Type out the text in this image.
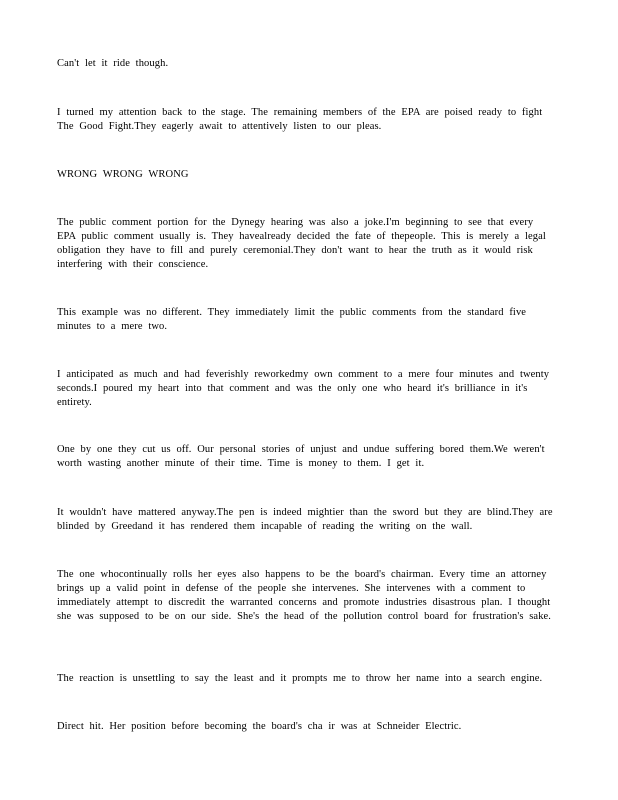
Can't let it ride though.

I turned my attention back to the stage. The remaining members of the EPA are poised ready to fight The Good Fight.They eagerly await to attentively listen to our pleas.

WRONG WRONG WRONG

The public comment portion for the Dynegy hearing was also a joke.I'm beginning to see that every EPA public comment usually is. They havealready decided the fate of thepeople. This is merely a legal obligation they have to fill and purely ceremonial.They don't want to hear the truth as it would risk interfering with their conscience.

This example was no different. They immediately limit the public comments from the standard five minutes to a mere two.

I anticipated as much and had feverishly reworkedmy own comment to a mere four minutes and twenty seconds.I poured my heart into that comment and was the only one who heard it's brilliance in it's entirety.

One by one they cut us off. Our personal stories of unjust and undue suffering bored them.We weren't worth wasting another minute of their time. Time is money to them. I get it.

It wouldn't have mattered anyway.The pen is indeed mightier than the sword but they are blind.They are blinded by Greedand it has rendered them incapable of reading the writing on the wall.

The one whocontinually rolls her eyes also happens to be the board's chairman. Every time an attorney brings up a valid point in defense of the people she intervenes. She intervenes with a comment to immediately attempt to discredit the warranted concerns and promote industries disastrous plan. I thought she was supposed to be on our side. She's the head of the pollution control board for frustration's sake.

The reaction is unsettling to say the least and it prompts me to throw her name into a search engine.

Direct hit. Her position before becoming the board's cha ir was at Schneider Electric.
